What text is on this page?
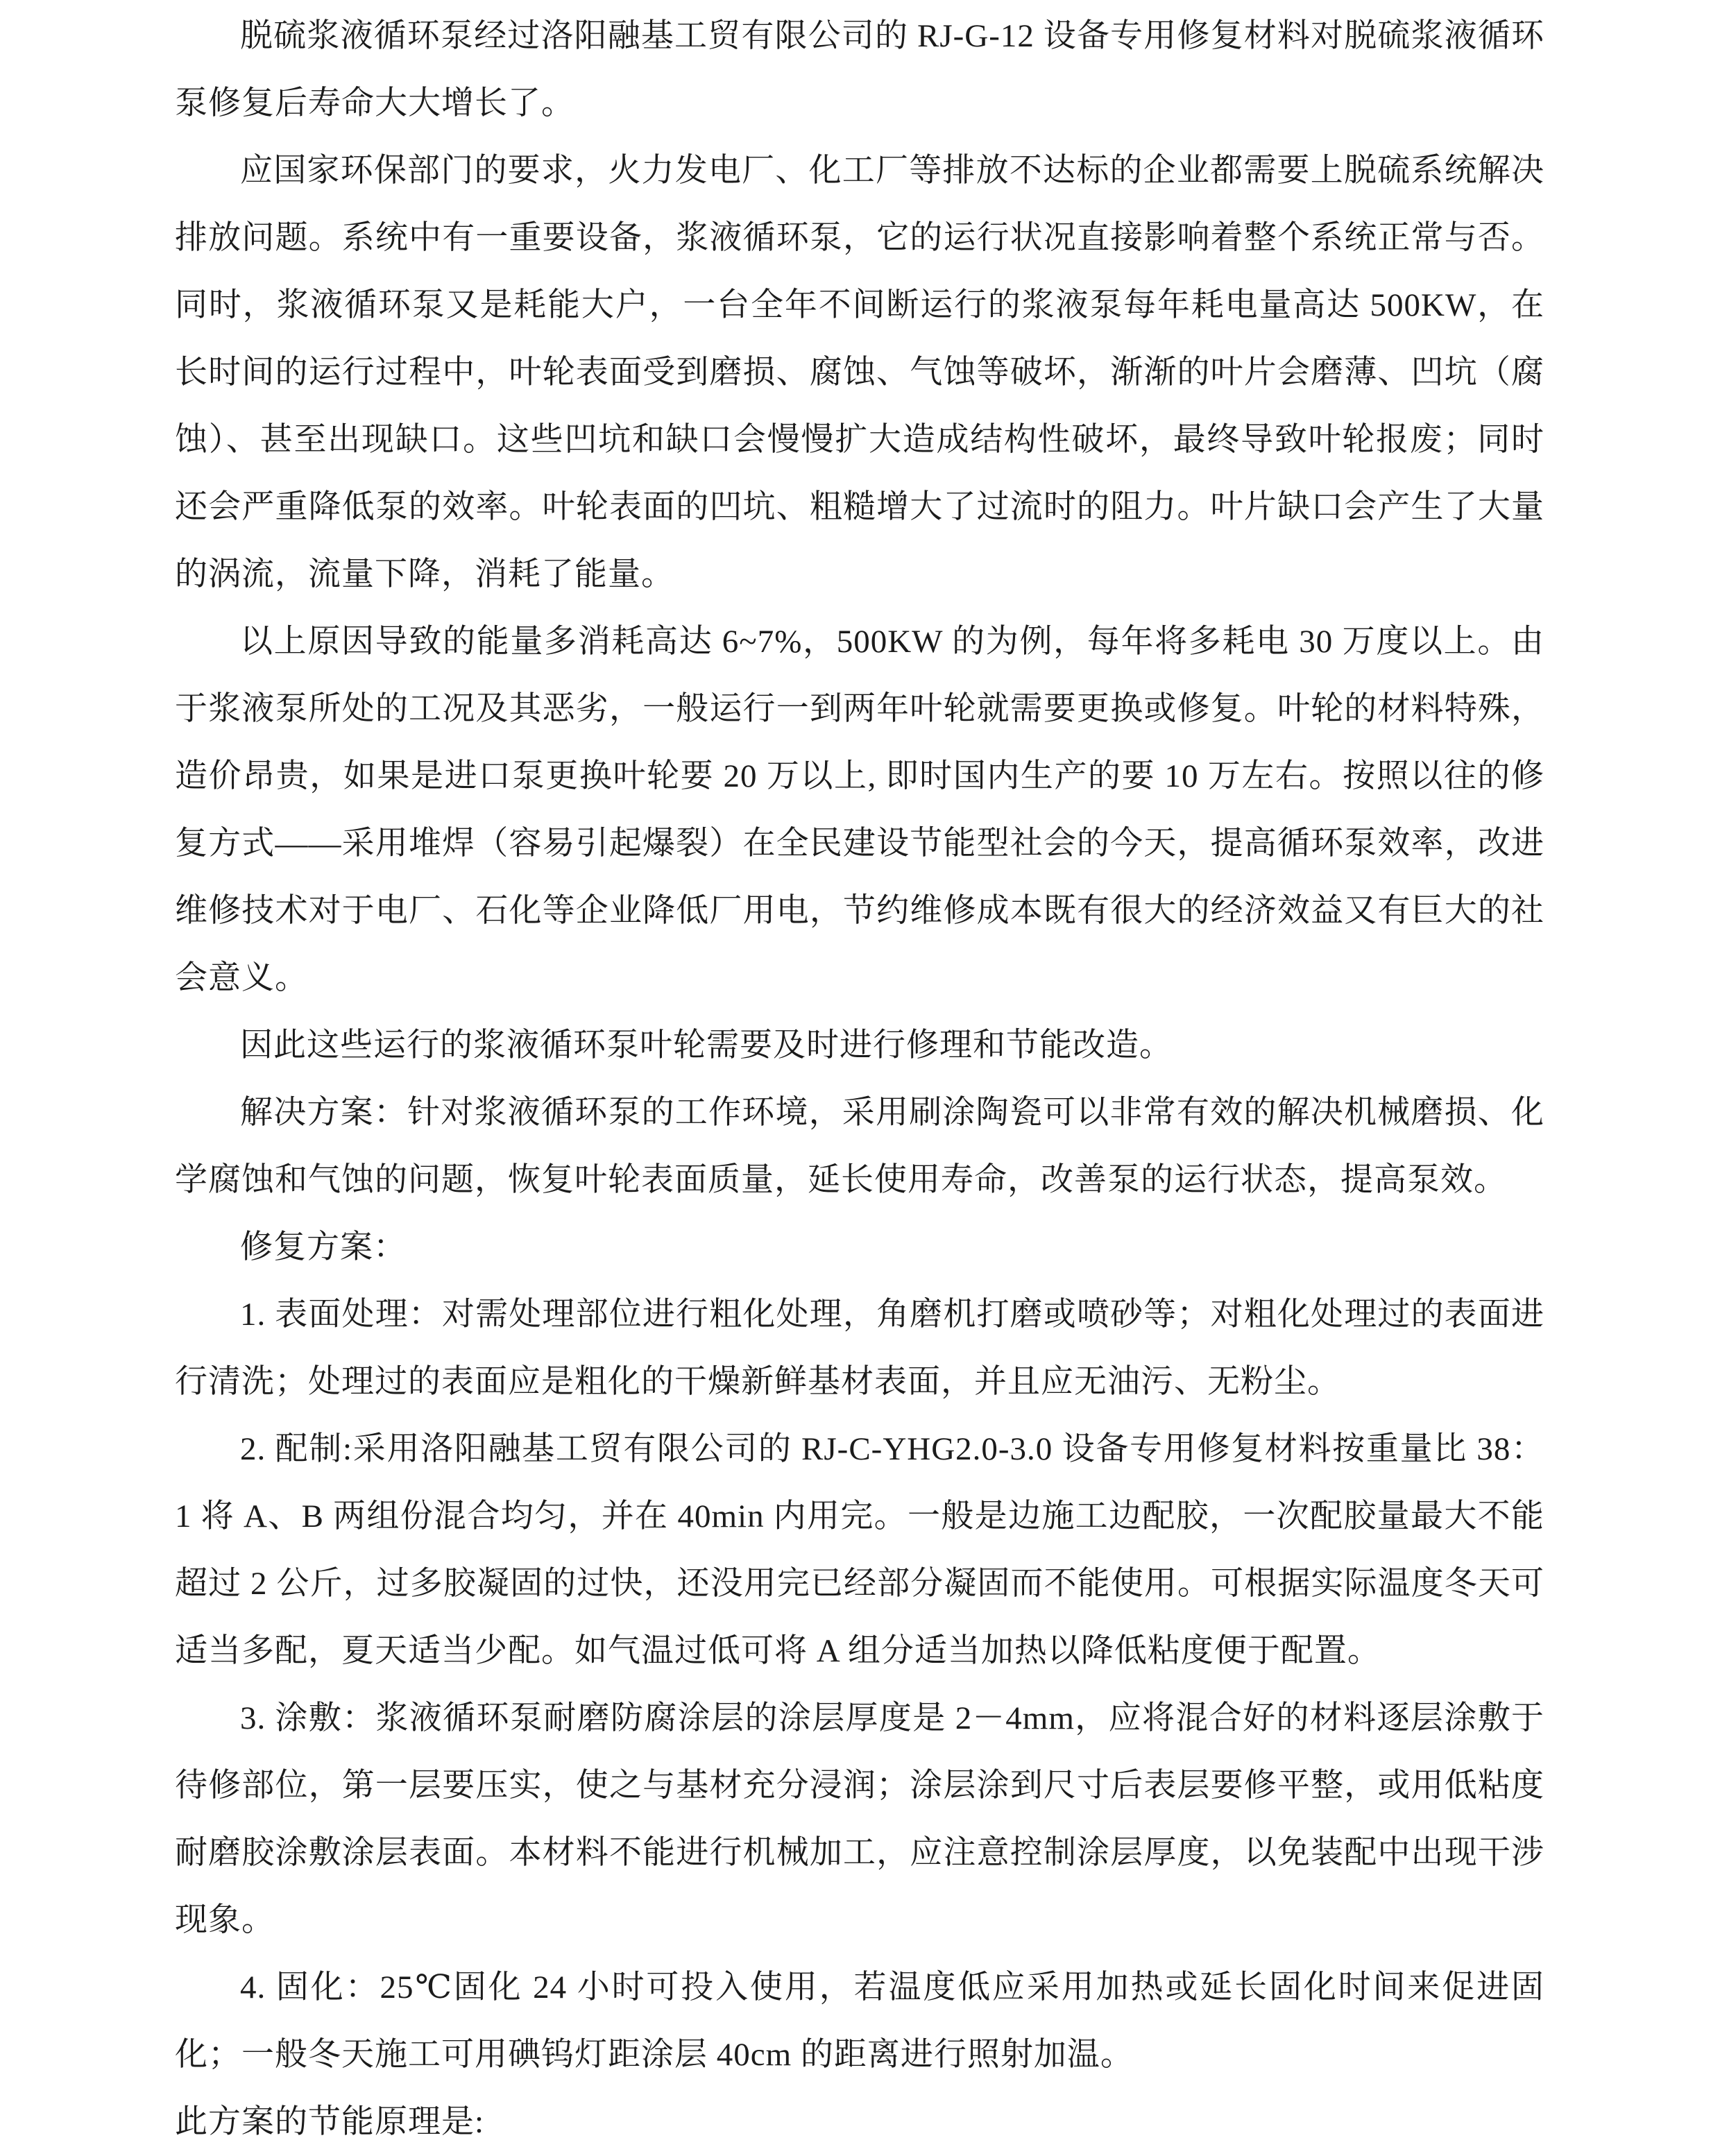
脱硫浆液循环泵经过洛阳融基工贸有限公司的 RJ-G-12 设备专用修复材料对脱硫浆液循环泵修复后寿命大大增长了。

应国家环保部门的要求，火力发电厂、化工厂等排放不达标的企业都需要上脱硫系统解决排放问题。系统中有一重要设备，浆液循环泵，它的运行状况直接影响着整个系统正常与否。同时，浆液循环泵又是耗能大户，一台全年不间断运行的浆液泵每年耗电量高达 500KW，在长时间的运行过程中，叶轮表面受到磨损、腐蚀、气蚀等破坏，渐渐的叶片会磨薄、凹坑（腐蚀）、甚至出现缺口。这些凹坑和缺口会慢慢扩大造成结构性破坏，最终导致叶轮报废；同时还会严重降低泵的效率。叶轮表面的凹坑、粗糙增大了过流时的阻力。叶片缺口会产生了大量的涡流，流量下降，消耗了能量。

以上原因导致的能量多消耗高达 6~7%，500KW 的为例，每年将多耗电 30 万度以上。由于浆液泵所处的工况及其恶劣，一般运行一到两年叶轮就需要更换或修复。叶轮的材料特殊，造价昂贵，如果是进口泵更换叶轮要 20 万以上, 即时国内生产的要 10 万左右。按照以往的修复方式——采用堆焊（容易引起爆裂）在全民建设节能型社会的今天，提高循环泵效率，改进维修技术对于电厂、石化等企业降低厂用电，节约维修成本既有很大的经济效益又有巨大的社会意义。

因此这些运行的浆液循环泵叶轮需要及时进行修理和节能改造。

解决方案：针对浆液循环泵的工作环境，采用刷涂陶瓷可以非常有效的解决机械磨损、化学腐蚀和气蚀的问题，恢复叶轮表面质量，延长使用寿命，改善泵的运行状态，提高泵效。

修复方案：

1. 表面处理：对需处理部位进行粗化处理，角磨机打磨或喷砂等；对粗化处理过的表面进行清洗；处理过的表面应是粗化的干燥新鲜基材表面，并且应无油污、无粉尘。

2. 配制:采用洛阳融基工贸有限公司的 RJ-C-YHG2.0-3.0 设备专用修复材料按重量比 38：1 将 A、B 两组份混合均匀，并在 40min 内用完。一般是边施工边配胶，一次配胶量最大不能超过 2 公斤，过多胶凝固的过快，还没用完已经部分凝固而不能使用。可根据实际温度冬天可适当多配，夏天适当少配。如气温过低可将 A 组分适当加热以降低粘度便于配置。

3. 涂敷：浆液循环泵耐磨防腐涂层的涂层厚度是 2－4mm，应将混合好的材料逐层涂敷于待修部位，第一层要压实，使之与基材充分浸润；涂层涂到尺寸后表层要修平整，或用低粘度耐磨胶涂敷涂层表面。本材料不能进行机械加工，应注意控制涂层厚度，以免装配中出现干涉现象。

4. 固化：25℃固化 24 小时可投入使用，若温度低应采用加热或延长固化时间来促进固化；一般冬天施工可用碘钨灯距涂层 40cm 的距离进行照射加温。

此方案的节能原理是:
